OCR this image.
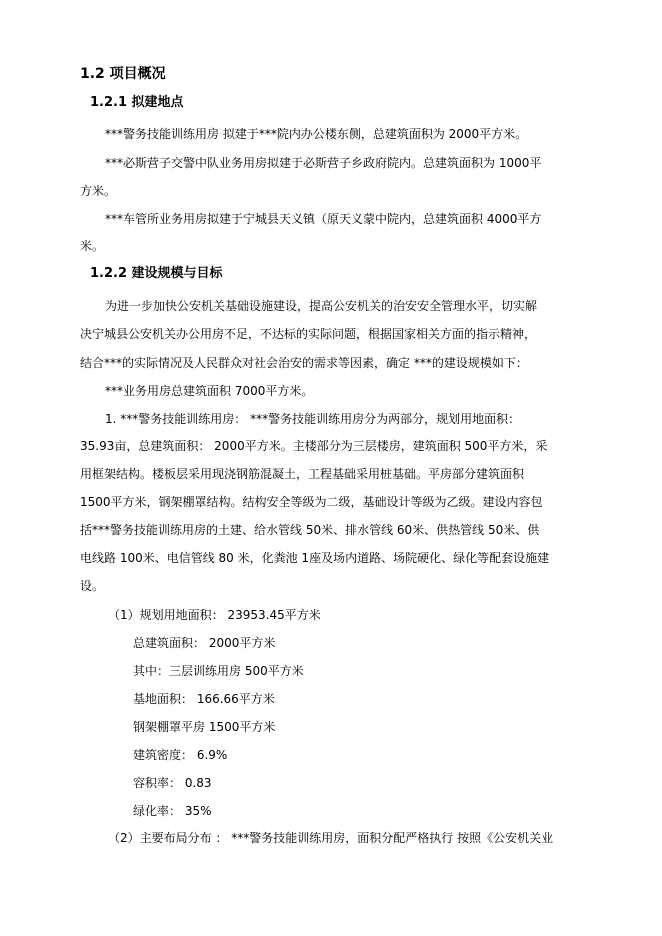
1.2 项目概况
1.2.1 拟建地点
***警务技能训练用房 拟建于***院内办公楼东侧，总建筑面积为 2000平方米。
***必斯营子交警中队业务用房拟建于必斯营子乡政府院内。总建筑面积为 1000平
方米。
***车管所业务用房拟建于宁城县天义镇（原天义蒙中院内，总建筑面积 4000平方
米。
1.2.2 建设规模与目标
为进一步加快公安机关基础设施建设，提高公安机关的治安安全管理水平，切实解
决宁城县公安机关办公用房不足，不达标的实际问题，根据国家相关方面的指示精神，
结合***的实际情况及人民群众对社会治安的需求等因素，确定 ***的建设规模如下：
***业务用房总建筑面积 7000平方米。
1. ***警务技能训练用房： ***警务技能训练用房分为两部分，规划用地面积：
35.93亩，总建筑面积： 2000平方米。主楼部分为三层楼房，建筑面积 500平方米，采
用框架结构。楼板层采用现浇钢筋混凝土，工程基础采用桩基础。平房部分建筑面积
1500平方米，钢架棚罩结构。结构安全等级为二级，基础设计等级为乙级。建设内容包
括***警务技能训练用房的土建、给水管线 50米、排水管线 60米、供热管线 50米、供
电线路 100米、电信管线 80 米，化粪池 1座及场内道路、场院硬化、绿化等配套设施建
设。
（1）规划用地面积： 23953.45平方米
总建筑面积： 2000平方米
其中：三层训练用房 500平方米
基地面积： 166.66平方米
钢架棚罩平房 1500平方米
建筑密度： 6.9%
容积率： 0.83
绿化率： 35%
（2）主要布局分布 ： ***警务技能训练用房，面积分配严格执行 按照《公安机关业
